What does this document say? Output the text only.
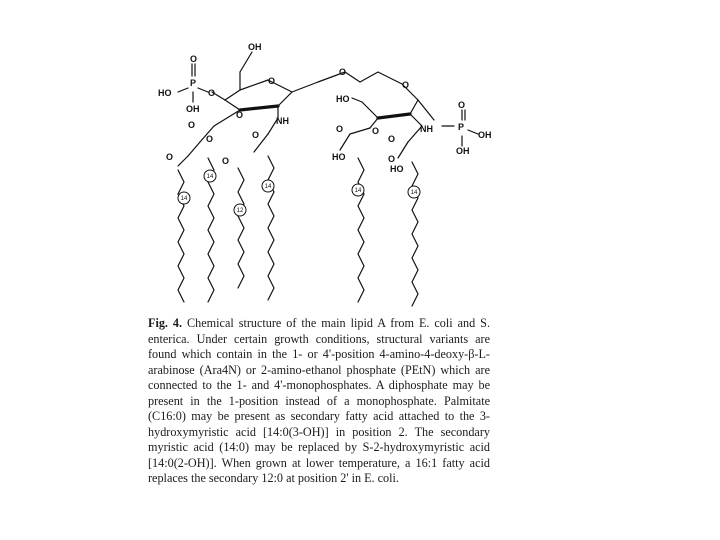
OH
O
O
O
HO
NH
NH
P
O
O
HO
OH
P
O
OH
OH
O
O
O
O
O
O	O
O
O
O
HO
HO
14
14
12
14
14	14
Fig. 4. Chemical structure of the main lipid A from E. coli and S. enterica. Under certain growth conditions, structural variants are found which contain in the 1- or 4'-position 4-amino-4-deoxy-β-L-arabinose (Ara4N) or 2-amino-ethanol phosphate (PEtN) which are connected to the 1- and 4'-monophosphates. A diphosphate may be present in the 1-position instead of a monophosphate. Palmitate (C16:0) may be present as secondary fatty acid attached to the 3-hydroxymyristic acid [14:0(3-OH)] in position 2. The secondary myristic acid (14:0) may be replaced by S-2-hydroxymyristic acid [14:0(2-OH)]. When grown at lower temperature, a 16:1 fatty acid replaces the secondary 12:0 at position 2' in E. coli.
